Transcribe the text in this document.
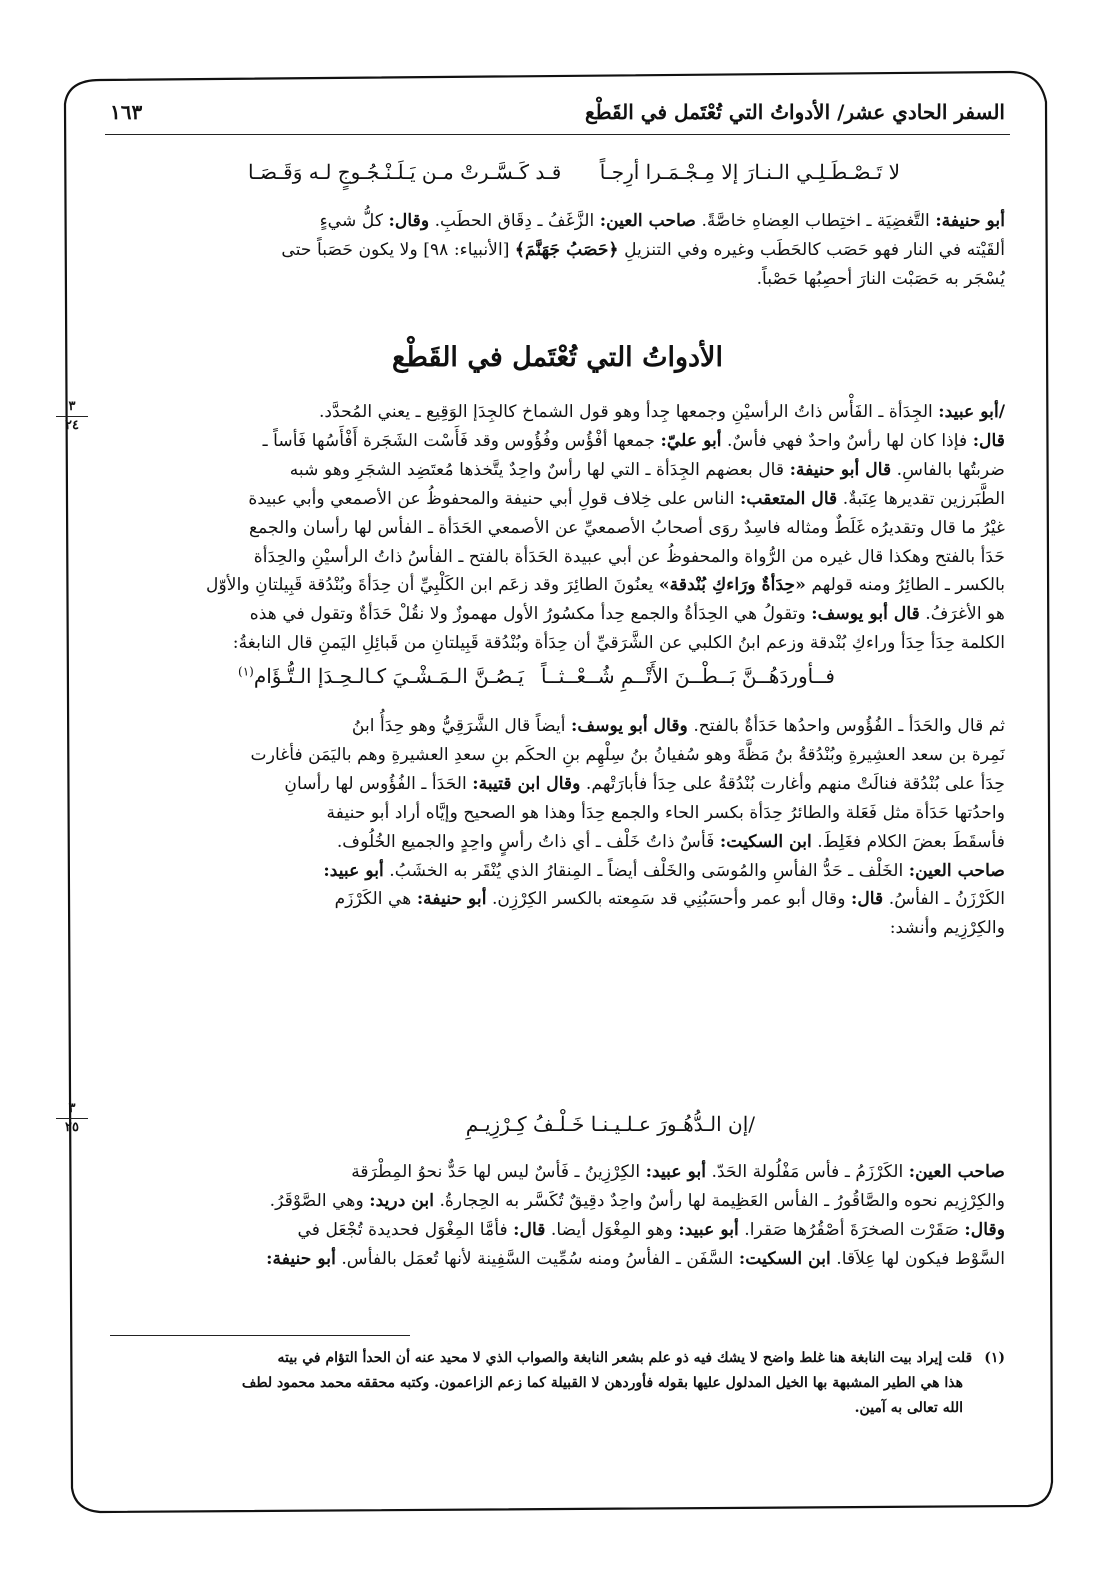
السفر الحادي عشر/ الأدواتُ التي تُعْتَمل في القَطْع
١٦٣
لا تَـصْـطَـلِـي الـنـارَ إلا مِـجْـمَـرا أرِجـاً
قـد كَـسَّـرتْ مـن يَـلَـنْـجُـوجٍ لـه وَقَـصَـا
أبو حنيفة: التَّغضِيَة ـ اختِطاب العِضاهِ خاصَّةً. صاحب العين: الزَّغَفُ ـ دِقَاق الحطَبِ. وقال: كلُّ شيءٍ
ألقَيْته في النار فهو حَصَب كالحَطَب وغيره وفي التنزيلِ ﴿حَصَبُ جَهَنَّمَ﴾ [الأنبياء: ٩٨] ولا يكون حَصَباً حتى
يُسْجَر به حَصَبْت النارَ أحصِبُها حَصْباً.
الأدواتُ التي تُعْتَمل في القَطْع
/أبو عبيد: الجِدَأة ـ الفَأْس ذاتُ الرأسيْنِ وجمعها جِدأ وهو قول الشماخ كالجِدَإ الوَقِيع ـ يعني المُحدَّد.
قال: فإذا كان لها رأسٌ واحدٌ فهي فأسٌ. أبو عليّ: جمعها أفْؤُس وفُؤُوس وقد فَأَسْت الشَجَرة أَفْأَسُها فَأساً ـ
ضربتُها بالفاسِ. قال أبو حنيفة: قال بعضهم الجِدَأة ـ التي لها رأسٌ واحِدٌ يتَّخذها مُعتَضِد الشجَرِ وهو شبه
الطَّبَرزين تقديرها عِنَبةٌ. قال المتعقب: الناس على خِلاف قولِ أبي حنيفة والمحفوظُ عن الأصمعي وأبي عبيدة
غيْرُ ما قال وتقديرُه غَلَطٌ ومثاله فاسِدٌ روَى أصحابُ الأصمعيِّ عن الأصمعي الحَدَأة ـ الفأس لها رأسان والجمع
حَدَأ بالفتح وهكذا قال غيره من الرُّواة والمحفوظُ عن أبي عبيدة الحَدَأة بالفتح ـ الفأسُ ذاتُ الرأسيْنِ والحِدَأة
بالكسر ـ الطائِرُ ومنه قولهم «حِدَأةٌ ورَاءكِ بُنْدقة» يعنُونَ الطائِرَ وقد زعَم ابن الكَلْبِيِّ أن حِدَأةَ وبُنْدُقة قَبِيلتانِ والأوّل
هو الأغرَفُ. قال أبو يوسف: وتقولُ هي الحِدَأةُ والجمع حِدأ مكسُورُ الأول مهموزٌ ولا نقُلْ حَدَأةٌ وتقول في هذه
الكلمة حِدَأ حِدَأ وراءكِ بُنْدقة وزعم ابنُ الكلبي عن الشَّرَقيِّ أن حِدَأة وبُنْدُقة قَبِيلتانِ من قَبائِلِ اليَمنِ قال النابغةُ:
فــأوردَهُــنَّ بَــطْــنَ الأَتْــمِ شُــعْــثــاً
يَـصُـنَّ الـمَـشْـيَ كـالـحِـدَإ الـتُّـؤَام$^{(١)}$
ثم قال والحَدَأ ـ الفُؤُوس واحدُها حَدَأةٌ بالفتح. وقال أبو يوسف: أيضاً قال الشَّرَقِيُّ وهو حِدَأُ ابنُ
نَمِرة بن سعد العشِيرةِ وبُنْدُقةُ بنُ مَظَّةَ وهو سُفيانُ بنُ سِلْهِم بنِ الحكَم بنِ سعدِ العشيرةِ وهم باليَمَن فأغارت
حِدَأ على بُنْدُقة فنالَتْ منهم وأغارت بُنْدُقةُ على حِدَأ فأبارَتْهم. وقال ابن قتيبة: الحَدَأ ـ الفُؤُوس لها رأسانِ
واحدُتها حَدَأة مثل فَعَلة والطائرُ حِدَأة بكسر الحاء والجمع حِدَأ وهذا هو الصحيح وإيَّاه أراد أبو حنيفة
فأسقَطَ بعضَ الكلام فغَلِطَ. ابن السكيت: فَأسٌ ذاتُ خَلْف ـ أي ذاتُ رأسٍ واحِدٍ والجميع الخُلُوف.
صاحب العين: الخَلْف ـ حَدُّ الفأسِ والمُوسَى والخَلْف أيضاً ـ المِنقارُ الذي يُنْقَر به الخشَبُ. أبو عبيد:
الكَرْزَنُ ـ الفأسُ. قال: وقال أبو عمر وأحسَبُنِي قد سَمِعته بالكسر الكِرْزِن. أبو حنيفة: هي الكَرْزَم
والكِرْزِيم وأنشد:
/إن الـدُّهُـورَ عـلـيـنـا خَـلْـفُ كِـرْزِيـمِ
صاحب العين: الكَرْزَمُ ـ فأس مَفْلُولة الحَدّ. أبو عبيد: الكِرْزِينُ ـ فَأسٌ ليس لها حَدٌّ نحوُ المِطْرَقة
والكِرْزِيم نحوه والصَّاقُورُ ـ الفأس العَظِيمة لها رأسٌ واحِدٌ دقِيقٌ تُكَسَّر به الحِجارةُ. ابن دريد: وهي الصَّوْقَرُ.
وقال: صَقَرْت الصخرَةَ أصْقُرُها صَقرا. أبو عبيد: وهو المِغْوَل أيضا. قال: فأمَّا المِغْوَل فحديدة تُجْعَل في
السَّوْط فيكون لها عِلاَقا. ابن السكيت: السَّفَن ـ الفأسُ ومنه سُمِّيت السَّفِينة لأنها تُعمَل بالفأس. أبو حنيفة:
(١)قلت إيراد بيت النابغة هنا غلط واضح لا يشك فيه ذو علم بشعر النابغة والصواب الذي لا محيد عنه أن الحدأ التؤام في بيته
هذا هي الطير المشبهة بها الخيل المدلول عليها بقوله فأوردهن لا القبيلة كما زعم الزاعمون. وكتبه محققه محمد محمود لطف
الله تعالى به آمين.
٣
٢٤
٣
٢٥
